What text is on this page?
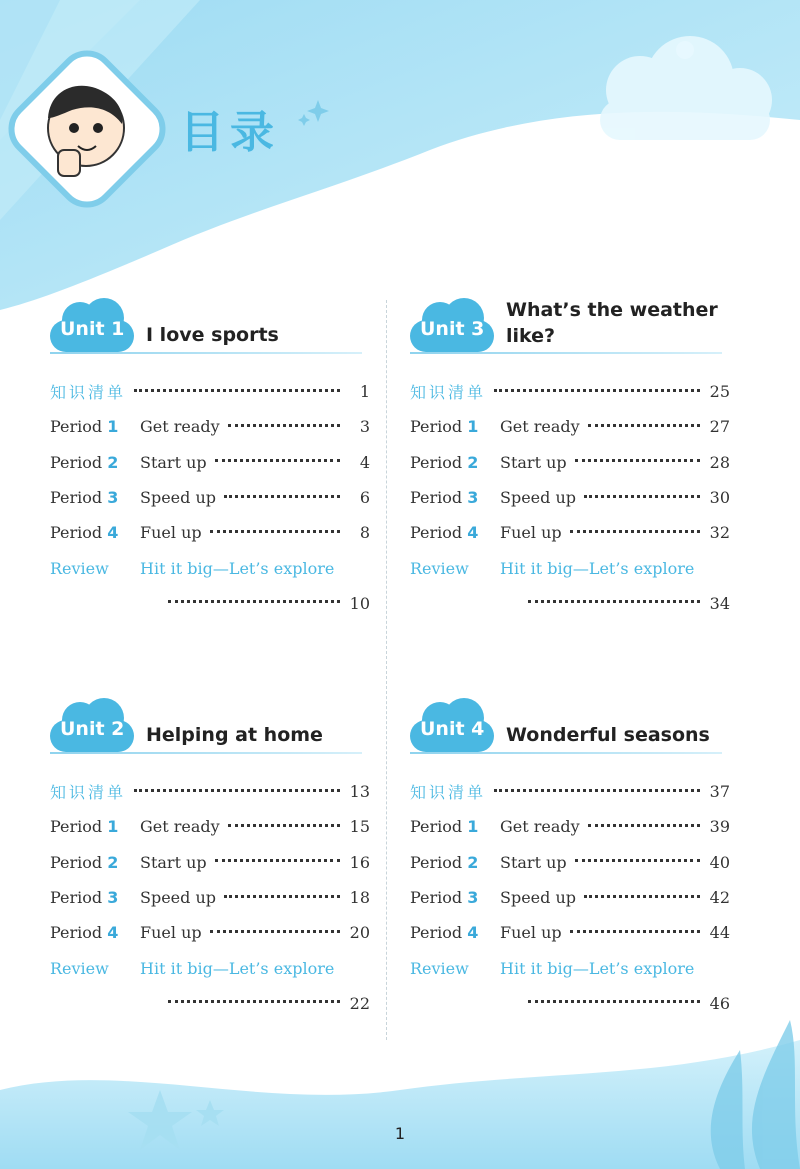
目录
Unit 1 I love sports
知识清单	1
Period 1	Get ready	3
Period 2	Start up	4
Period 3	Speed up	6
Period 4	Fuel up	8
Review	Hit it big—Let’s explore
10
Unit 2 Helping at home
知识清单	13
Period 1	Get ready	15
Period 2	Start up	16
Period 3	Speed up	18
Period 4	Fuel up	20
Review	Hit it big—Let’s explore
22
Unit 3
What’s the weather
like?
知识清单	25
Period 1	Get ready	27
Period 2	Start up	28
Period 3	Speed up	30
Period 4	Fuel up	32
Review	Hit it big—Let’s explore
34
Unit 4 Wonderful seasons
知识清单	37
Period 1	Get ready	39
Period 2	Start up	40
Period 3	Speed up	42
Period 4	Fuel up	44
Review	Hit it big—Let’s explore
46
1
